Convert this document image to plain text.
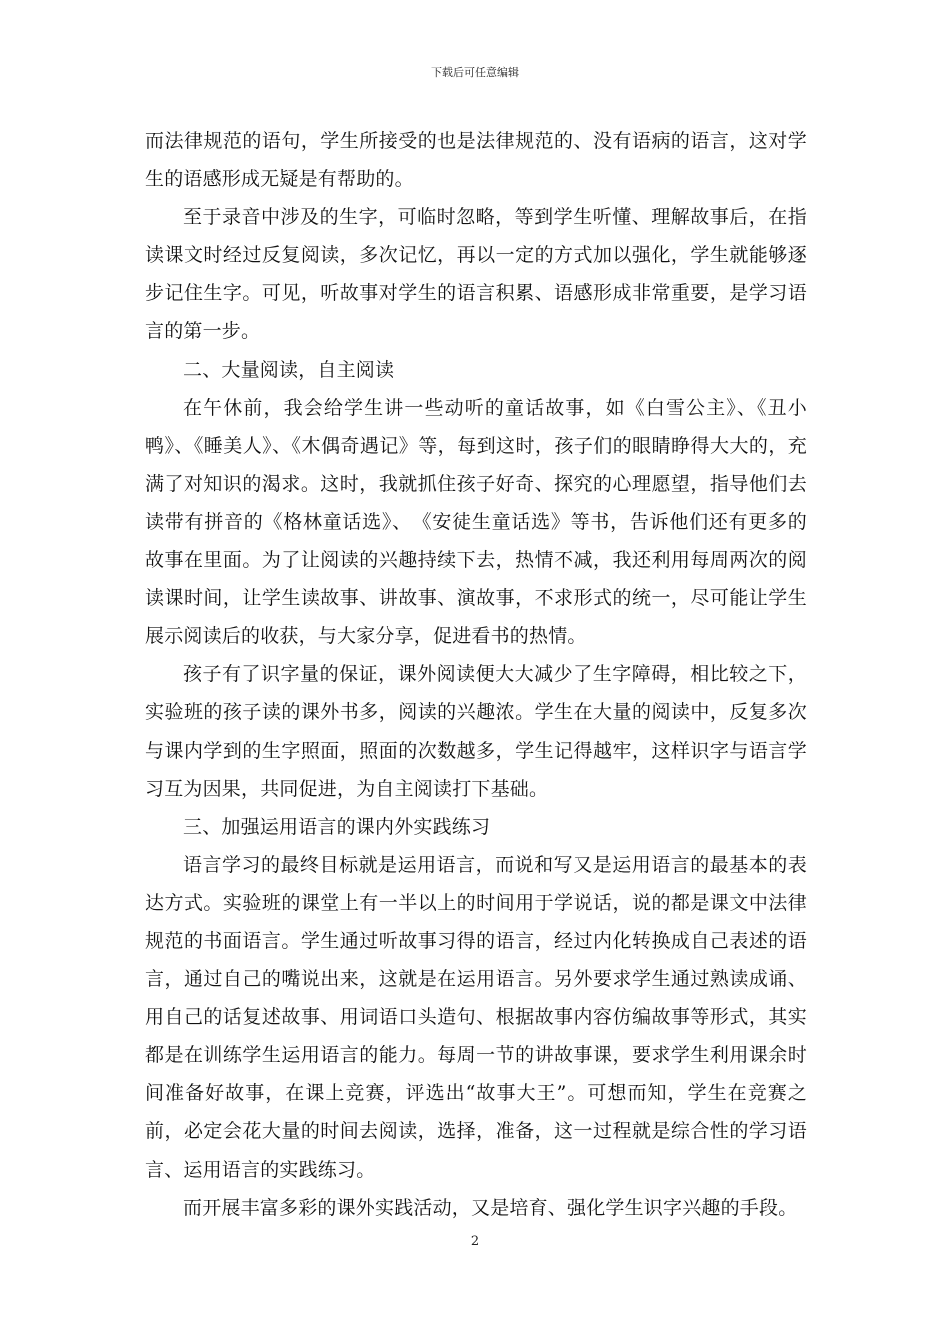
下载后可任意编辑

而法律规范的语句，学生所接受的也是法律规范的、没有语病的语言，这对学生的语感形成无疑是有帮助的。

至于录音中涉及的生字，可临时忽略，等到学生听懂、理解故事后，在指读课文时经过反复阅读，多次记忆，再以一定的方式加以强化，学生就能够逐步记住生字。可见，听故事对学生的语言积累、语感形成非常重要，是学习语言的第一步。

二、大量阅读，自主阅读

在午休前，我会给学生讲一些动听的童话故事，如《白雪公主》、《丑小鸭》、《睡美人》、《木偶奇遇记》等，每到这时，孩子们的眼睛睁得大大的，充满了对知识的渴求。这时，我就抓住孩子好奇、探究的心理愿望，指导他们去读带有拼音的《格林童话选》、　《安徒生童话选》等书，告诉他们还有更多的故事在里面。为了让阅读的兴趣持续下去，热情不减，我还利用每周两次的阅读课时间，让学生读故事、讲故事、演故事，不求形式的统一，尽可能让学生展示阅读后的收获，与大家分享，促进看书的热情。

孩子有了识字量的保证，课外阅读便大大减少了生字障碍，相比较之下，实验班的孩子读的课外书多，阅读的兴趣浓。学生在大量的阅读中，反复多次与课内学到的生字照面，照面的次数越多，学生记得越牢，这样识字与语言学习互为因果，共同促进，为自主阅读打下基础。

三、加强运用语言的课内外实践练习

语言学习的最终目标就是运用语言，而说和写又是运用语言的最基本的表达方式。实验班的课堂上有一半以上的时间用于学说话，说的都是课文中法律规范的书面语言。学生通过听故事习得的语言，经过内化转换成自己表述的语言，通过自己的嘴说出来，这就是在运用语言。另外要求学生通过熟读成诵、用自己的话复述故事、用词语口头造句、根据故事内容仿编故事等形式，其实都是在训练学生运用语言的能力。每周一节的讲故事课，要求学生利用课余时间准备好故事，在课上竞赛，评选出“故事大王”。可想而知，学生在竞赛之前，必定会花大量的时间去阅读，选择，准备，这一过程就是综合性的学习语言、运用语言的实践练习。

而开展丰富多彩的课外实践活动，又是培育、强化学生识字兴趣的手段。

2
